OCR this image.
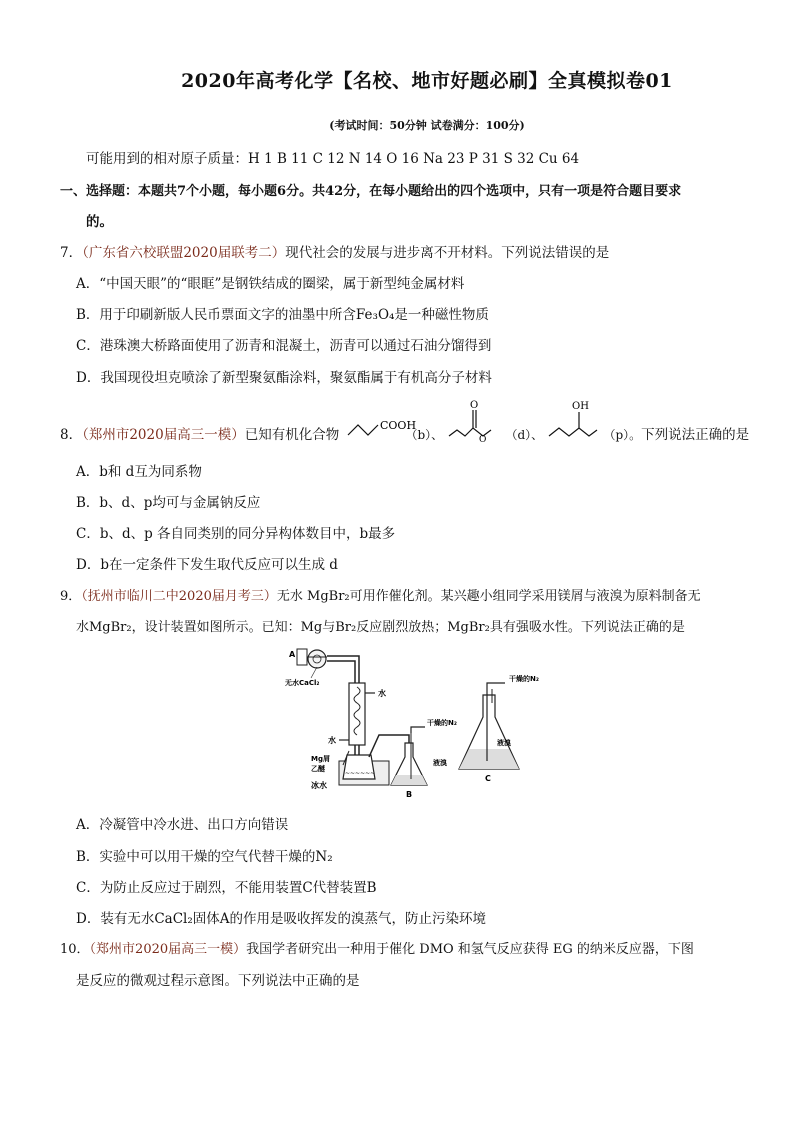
2020年高考化学【名校、地市好题必刷】全真模拟卷01
(考试时间：50分钟 试卷满分：100分)
可能用到的相对原子质量：H 1 B 11 C 12 N 14 O 16 Na 23 P 31 S 32 Cu 64
一、选择题：本题共7个小题，每小题6分。共42分，在每小题给出的四个选项中，只有一项是符合题目要求
的。
7．（广东省六校联盟2020届联考二）现代社会的发展与进步离不开材料。下列说法错误的是
A．“中国天眼”的“眼眶”是钢铁结成的圈梁，属于新型纯金属材料
B．用于印刷新版人民币票面文字的油墨中所含Fe₃O₄是一种磁性物质
C．港珠澳大桥路面使用了沥青和混凝土，沥青可以通过石油分馏得到
D．我国现役坦克喷涂了新型聚氨酯涂料，聚氨酯属于有机高分子材料
8．（郑州市2020届高三一模）已知有机化合物
COOH
（b）、
O
O （d）、
OH
（p）。下列说法正确的是
A．b和 d互为同系物
B．b、d、p均可与金属钠反应
C．b、d、p 各自同类别的同分异构体数目中，b最多
D．b在一定条件下发生取代反应可以生成 d
9．（抚州市临川二中2020届月考三）无水 MgBr₂可用作催化剂。某兴趣小组同学采用镁屑与液溴为原料制备无
水MgBr₂，设计装置如图所示。已知：Mg与Br₂反应剧烈放热；MgBr₂具有强吸水性。下列说法正确的是
A
无水CaCl₂
水
水
~~~~~~
Mg屑
乙醚
冰水
干燥的N₂
液溴
B
干燥的N₂
液溴
C
A．冷凝管中冷水进、出口方向错误
B．实验中可以用干燥的空气代替干燥的N₂
C．为防止反应过于剧烈，不能用装置C代替装置B
D．装有无水CaCl₂固体A的作用是吸收挥发的溴蒸气，防止污染环境
10．（郑州市2020届高三一模）我国学者研究出一种用于催化 DMO 和氢气反应获得 EG 的纳米反应器，下图
是反应的微观过程示意图。下列说法中正确的是
